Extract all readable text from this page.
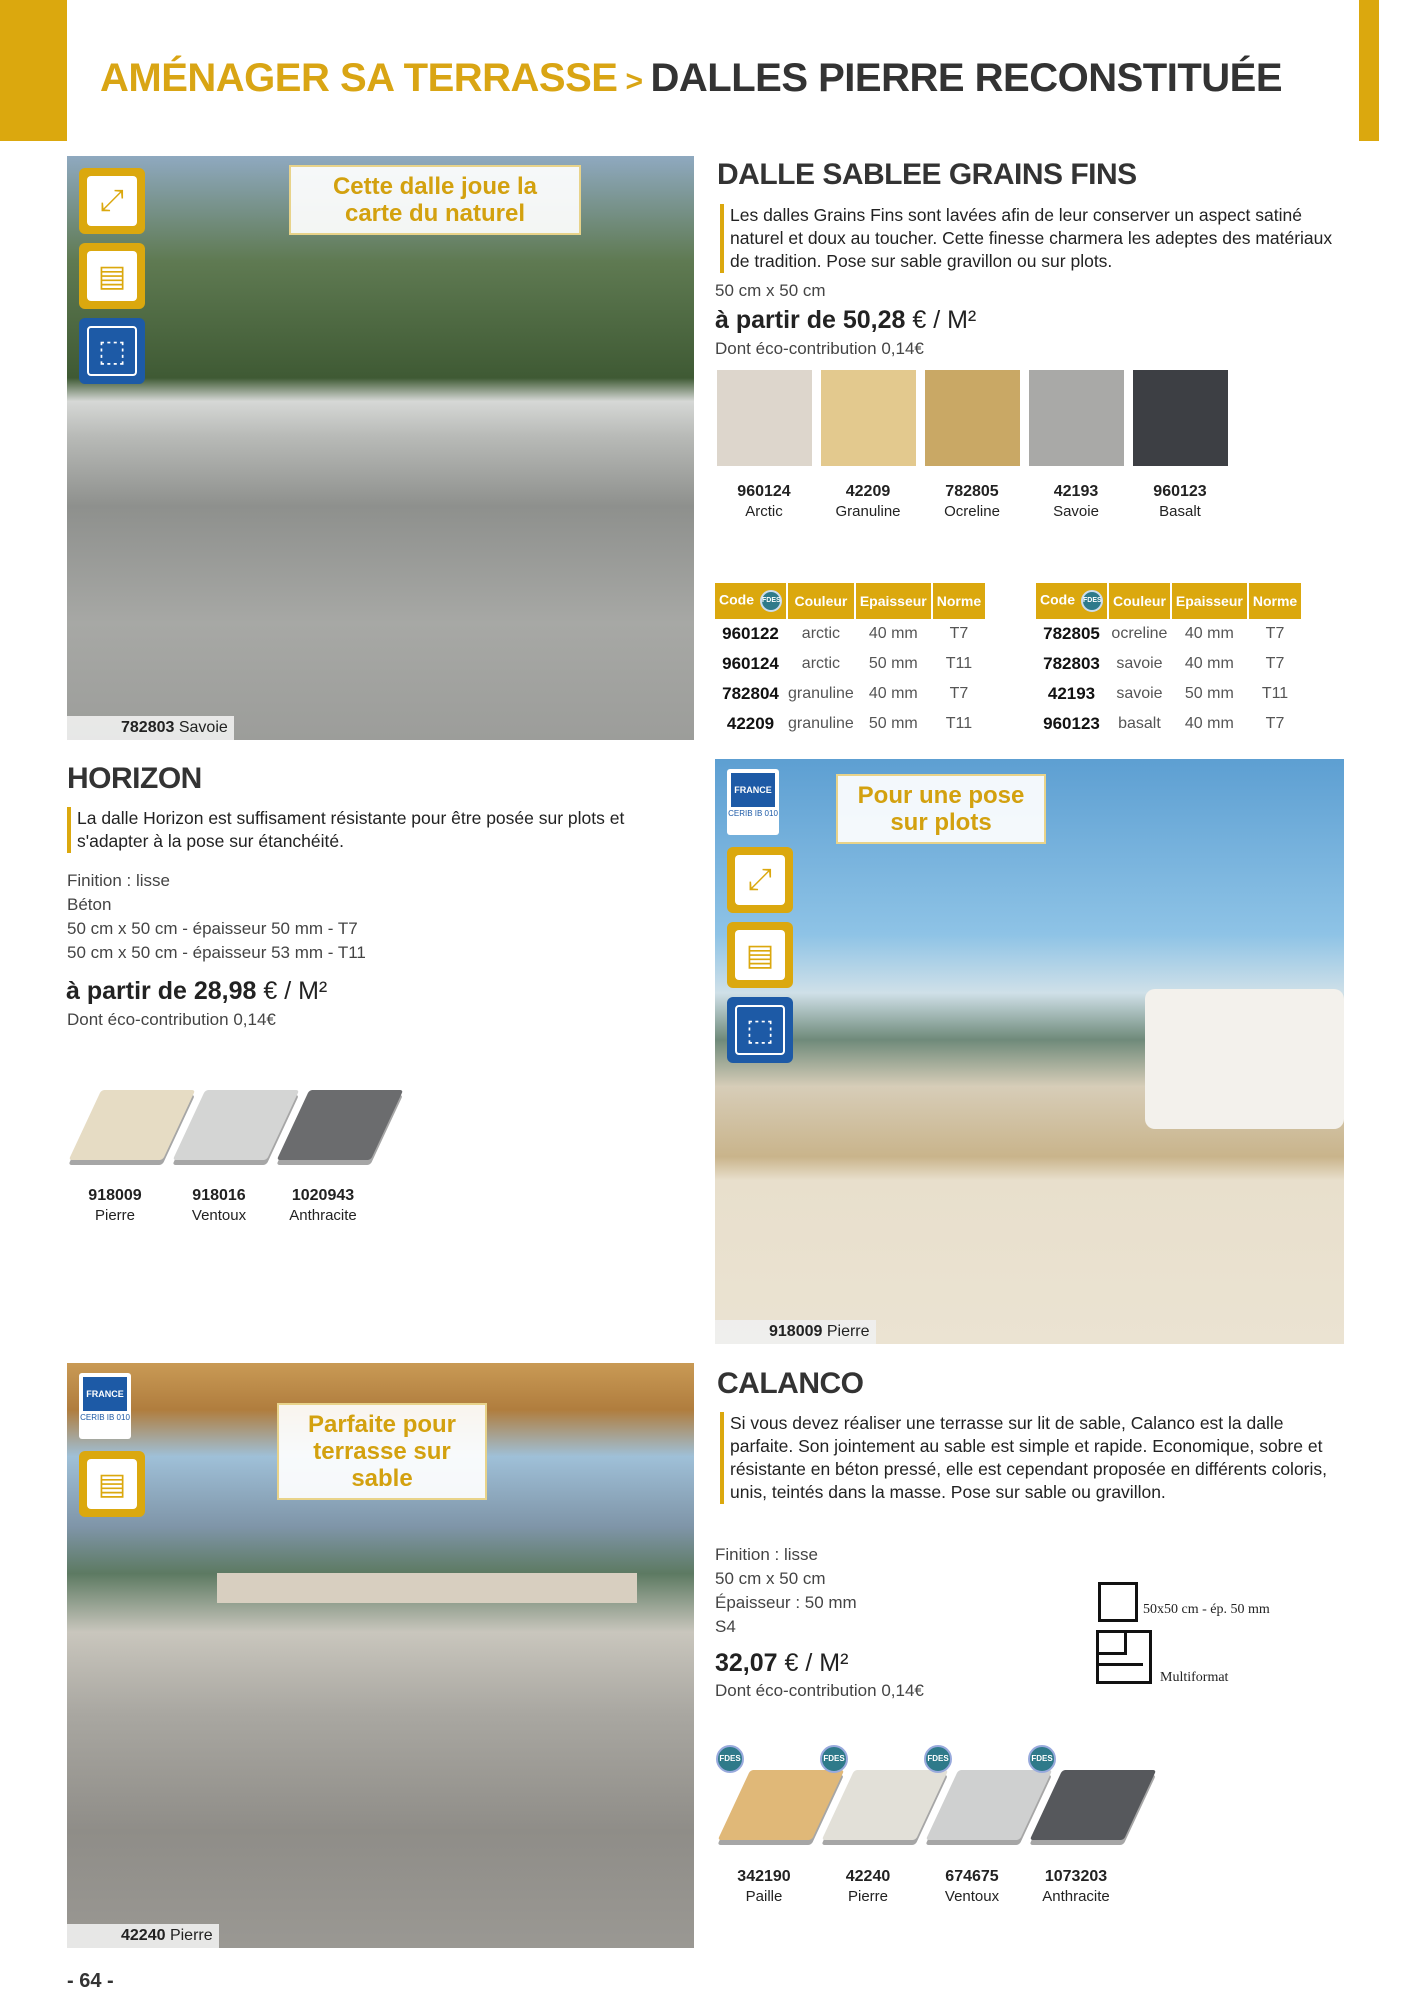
AMÉNAGER SA TERRASSE > DALLES PIERRE RECONSTITUÉE
⤢
▤
⬚
Cette dalle joue la carte du naturel
782803 Savoie
DALLE SABLEE GRAINS FINS
Les dalles Grains Fins sont lavées afin de leur conserver un aspect satiné naturel et doux au toucher. Cette finesse charmera les adeptes des matériaux de tradition. Pose sur sable gravillon ou sur plots.
50 cm x 50 cm
à partir de 50,28 € / M²
Dont éco-contribution 0,14€
960124
Arctic
42209
Granuline
782805
Ocreline
42193
Savoie
960123
Basalt
Code FDES	Couleur	Epaisseur	Norme
960122	arctic	40 mm	T7
960124	arctic	50 mm	T11
782804	granuline	40 mm	T7
42209	granuline	50 mm	T11
Code FDES	Couleur	Epaisseur	Norme
782805	ocreline	40 mm	T7
782803	savoie	40 mm	T7
42193	savoie	50 mm	T11
960123	basalt	40 mm	T7
HORIZON
La dalle Horizon est suffisament résistante pour être posée sur plots et s'adapter à la pose sur étanchéité.
Finition : lisse
Béton
50 cm x 50 cm - épaisseur 50 mm - T7
50 cm x 50 cm - épaisseur 53 mm - T11
à partir de 28,98 € / M²
Dont éco-contribution 0,14€
918009
Pierre
918016
Ventoux
1020943
Anthracite
FRANCE
CERIB IB 010
⤢
▤
⬚
Pour une pose sur plots
918009 Pierre
FRANCE
CERIB IB 010
▤
Parfaite pour terrasse sur sable
42240 Pierre
CALANCO
Si vous devez réaliser une terrasse sur lit de sable, Calanco est la dalle parfaite. Son jointement au sable est simple et rapide. Economique, sobre et résistante en béton pressé, elle est cependant proposée en différents coloris, unis, teintés dans la masse. Pose sur sable ou gravillon.
Finition : lisse
50 cm x 50 cm
Épaisseur : 50 mm
S4
32,07 € / M²
Dont éco-contribution 0,14€
50x50 cm - ép. 50 mm
Multiformat
FDES
342190
Paille
FDES
42240
Pierre
FDES
674675
Ventoux
FDES
1073203
Anthracite
- 64 -
